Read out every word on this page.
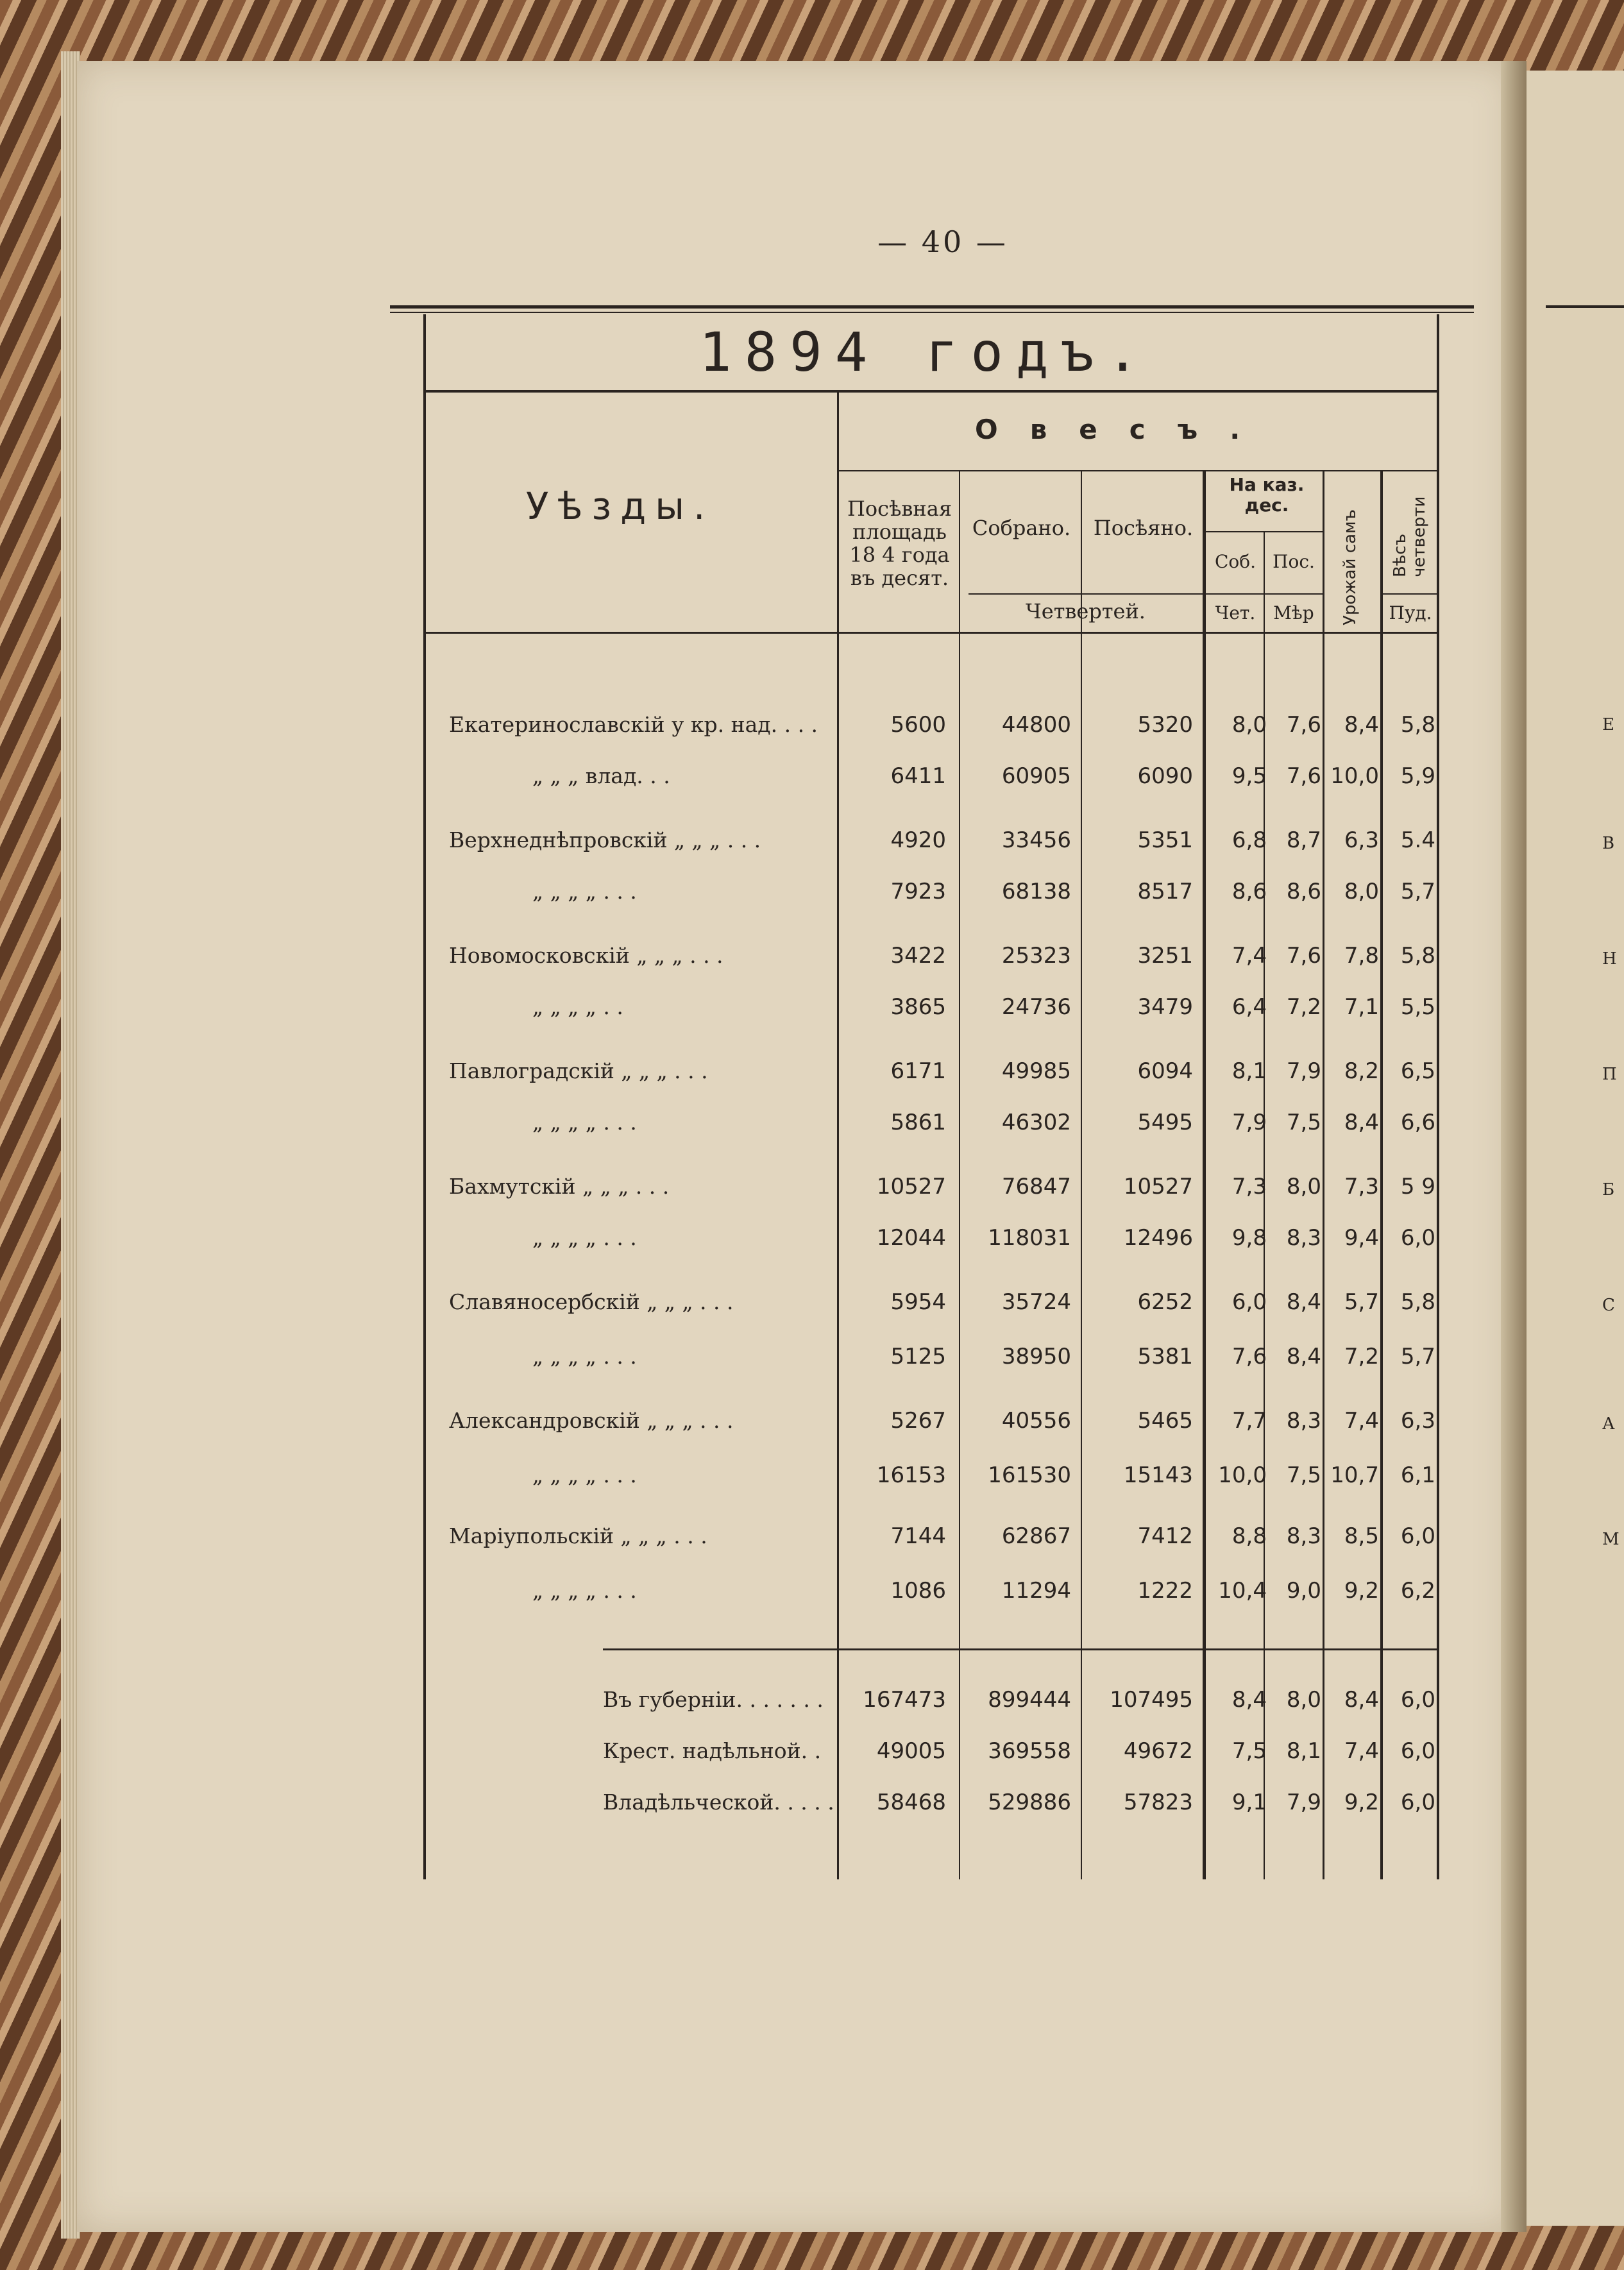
Е
В
Н
П
Б
С
А
М
— 40 —
1894 годъ.
Уѣзды.
Овесъ.
Посѣвная площадь 18 4 года въ десят.
Собрано.	Посѣяно.
Четвертей.
На каз. дес.
Соб. Пос.
Чет. Мѣр	Урожай самъ Вѣсъ четверти
Пуд.
Екатеринославскій у кр. над. . . .	5600	44800	5320	8,0 7,6	8,4 5,8
„ „ „ влад. . .	6411	60905	6090	9,5 7,6 10,0 5,9
Верхнеднѣпровскій „ „ „ . . .	4920	33456	5351	6,8 8,7	6,3 5.4
„ „ „ „ . . .	7923	68138	8517	8,6 8,6	8,0 5,7
Новомосковскій „ „ „ . . .	3422	25323	3251	7,4 7,6	7,8 5,8
„ „ „ „ . .	3865	24736	3479	6,4 7,2	7,1 5,5
Павлоградскій „ „ „ . . .	6171	49985	6094	8,1 7,9	8,2 6,5
„ „ „ „ . . .	5861	46302	5495	7,9 7,5	8,4 6,6
Бахмутскій „ „ „ . . .	10527	76847	10527	7,3 8,0	7,3 5 9
„ „ „ „ . . .	12044	118031	12496	9,8 8,3	9,4 6,0
Славяносербскій „ „ „ . . .	5954	35724	6252	6,0 8,4	5,7 5,8
„ „ „ „ . . .	5125	38950	5381	7,6 8,4	7,2 5,7
Александровскій „ „ „ . . .	5267	40556	5465	7,7 8,3	7,4 6,3
„ „ „ „ . . .	16153	161530	15143	10,0 7,5 10,7 6,1
Маріупольскій „ „ „ . . .	7144	62867	7412	8,8 8,3	8,5 6,0
„ „ „ „ . . .	1086	11294	1222	10,4 9,0	9,2 6,2
Въ губерніи. . . . . . .	167473	899444	107495	8,4 8,0	8,4 6,0
Крест. надѣльной. .	49005	369558	49672	7,5 8,1	7,4 6,0
Владѣльческой. . . . .	58468	529886	57823	9,1 7,9	9,2 6,0
